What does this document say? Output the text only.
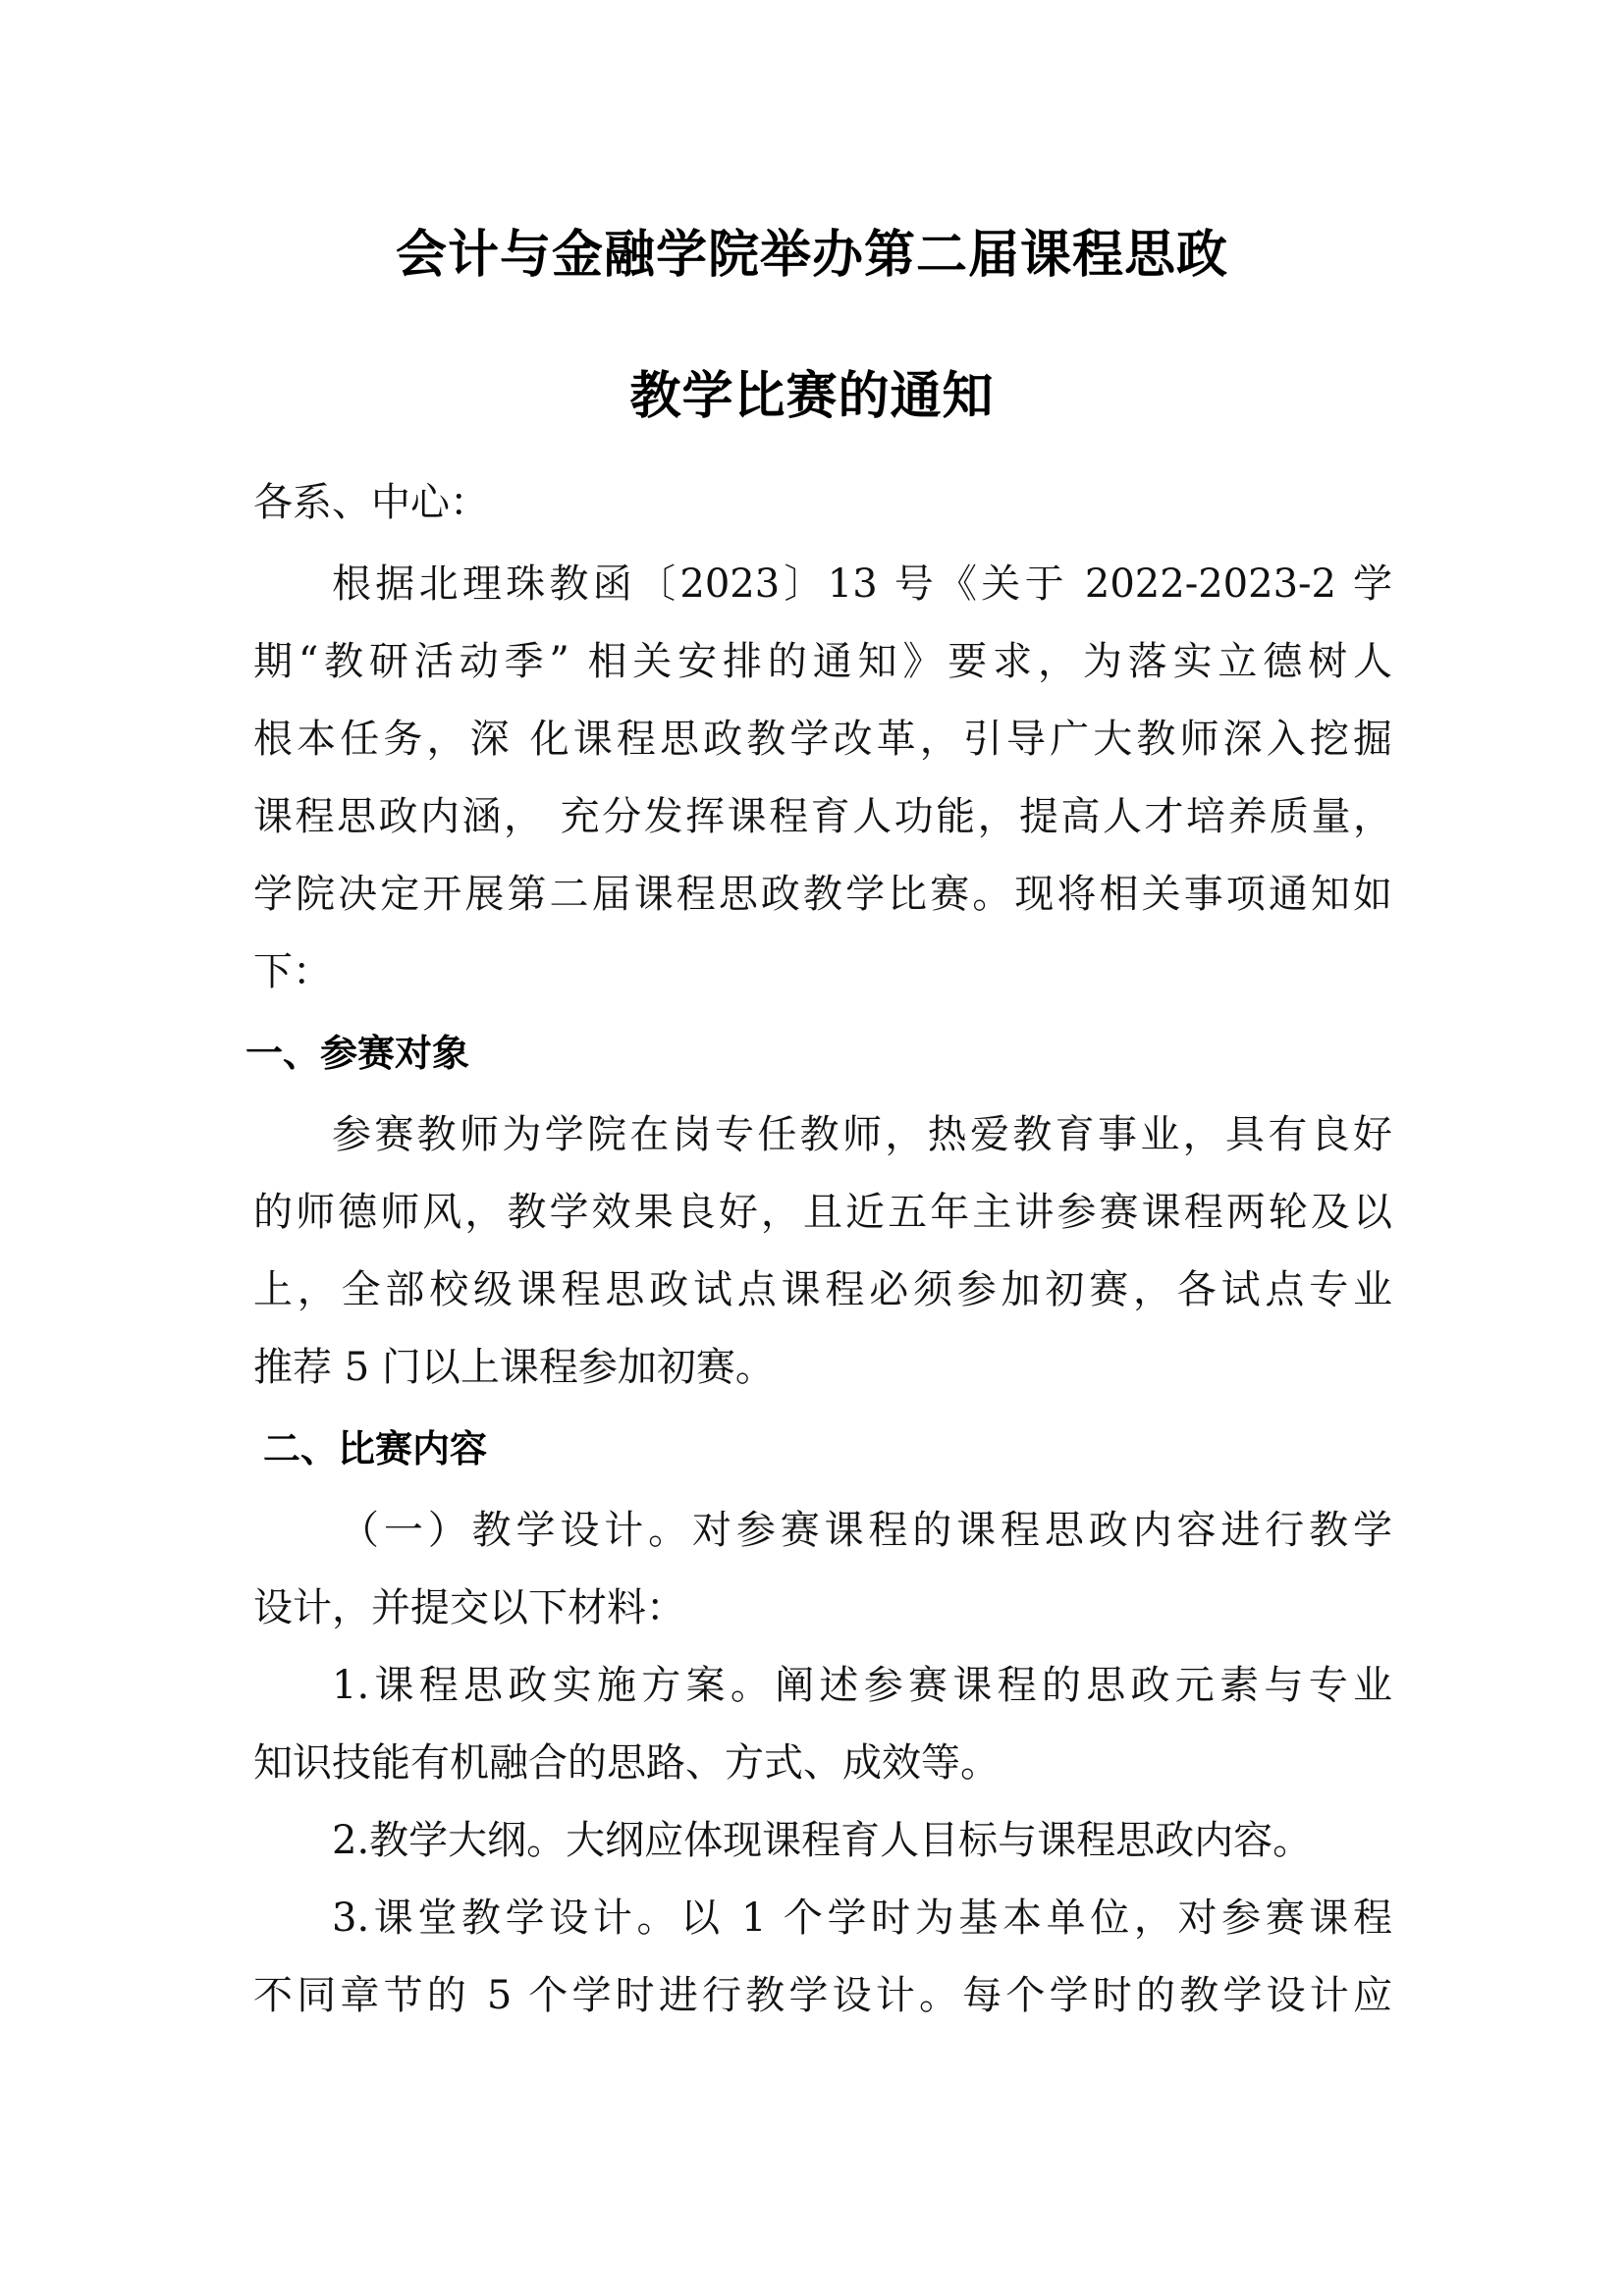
会计与金融学院举办第二届课程思政
教学比赛的通知
各系、中心：
根据北理珠教函〔2023〕13 号《关于 2022-2023-2 学
期“教研活动季” 相关安排的通知》要求，为落实立德树人
根本任务，深 化课程思政教学改革，引导广大教师深入挖掘
课程思政内涵， 充分发挥课程育人功能，提高人才培养质量，
学院决定开展第二届课程思政教学比赛。现将相关事项通知如
下：
一、参赛对象
参赛教师为学院在岗专任教师，热爱教育事业，具有良好
的师德师风，教学效果良好，且近五年主讲参赛课程两轮及以
上，全部校级课程思政试点课程必须参加初赛，各试点专业
推荐 5 门以上课程参加初赛。
二、比赛内容
（一）教学设计。对参赛课程的课程思政内容进行教学
设计，并提交以下材料：
1.课程思政实施方案。阐述参赛课程的思政元素与专业
知识技能有机融合的思路、方式、成效等。
2.教学大纲。大纲应体现课程育人目标与课程思政内容。
3.课堂教学设计。以 1 个学时为基本单位，对参赛课程
不同章节的 5 个学时进行教学设计。每个学时的教学设计应
